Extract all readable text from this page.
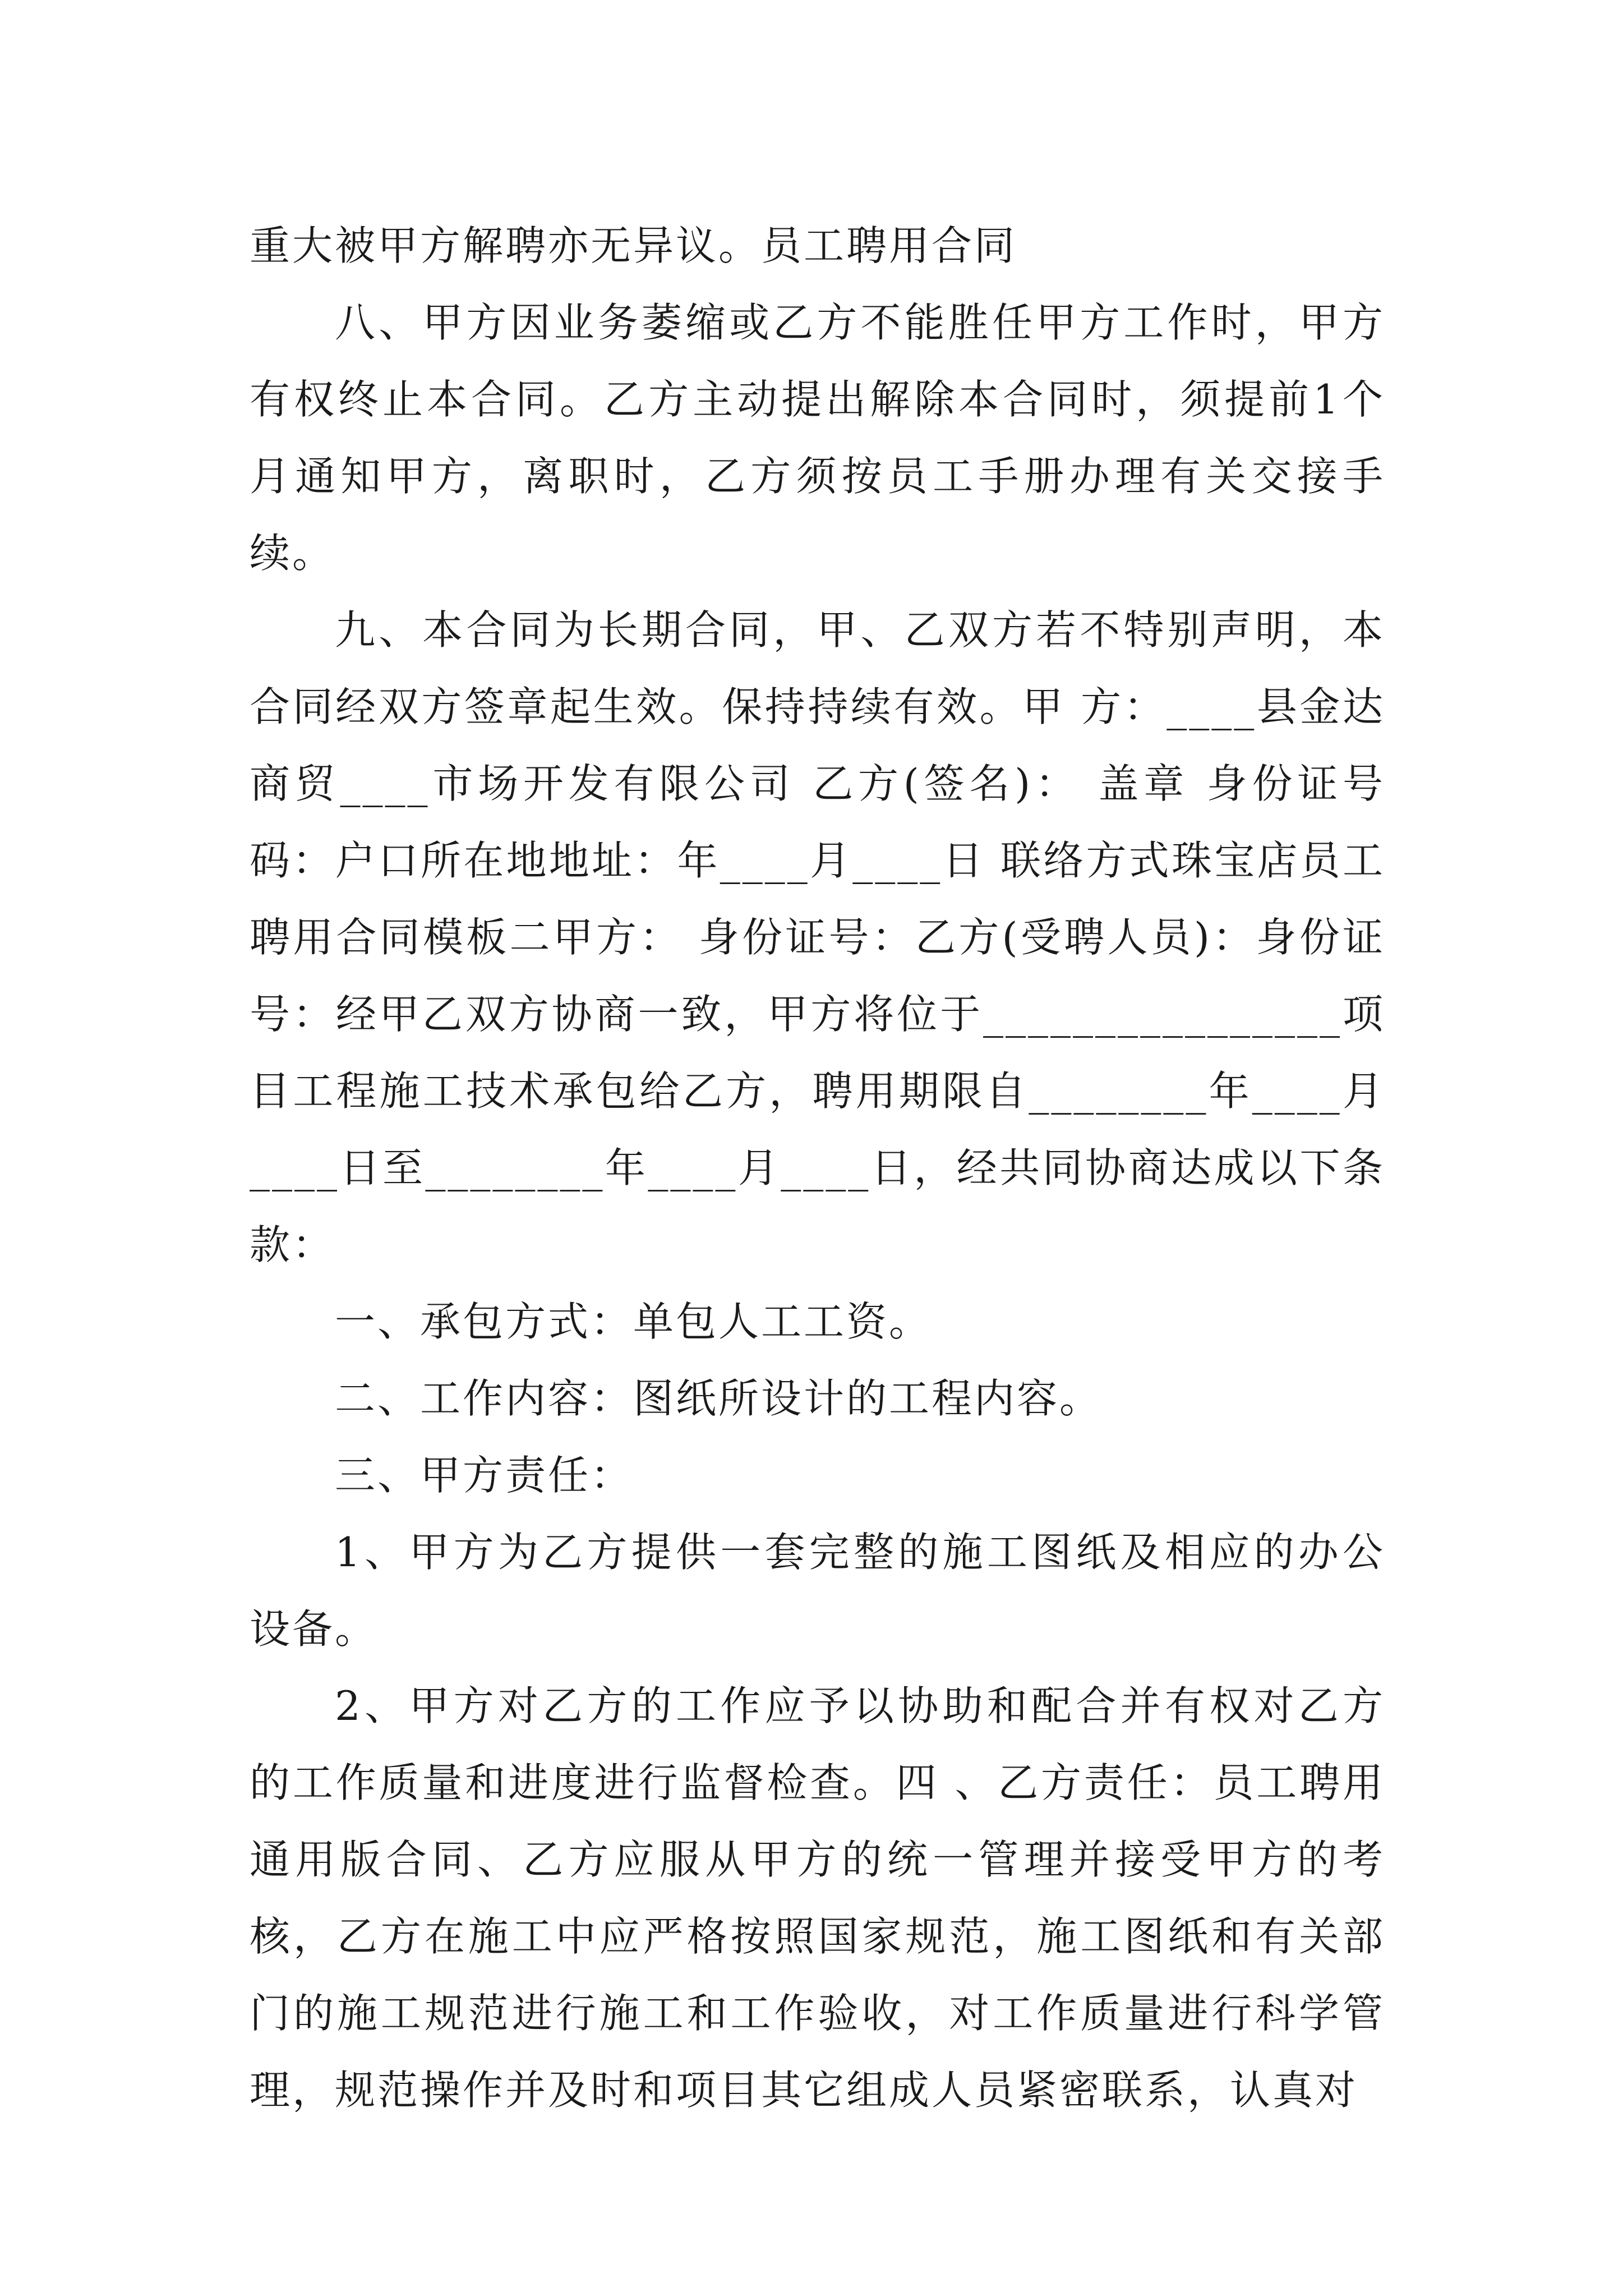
重大被甲方解聘亦无异议。员工聘用合同

八、甲方因业务萎缩或乙方不能胜任甲方工作时，甲方有权终止本合同。乙方主动提出解除本合同时，须提前1个月通知甲方，离职时，乙方须按员工手册办理有关交接手续。

九、本合同为长期合同，甲、乙双方若不特别声明，本合同经双方签章起生效。保持持续有效。甲 方：____县金达商贸____市场开发有限公司 乙方(签名)： 盖章 身份证号码：户口所在地地址：年____月____日 联络方式珠宝店员工聘用合同模板二甲方： 身份证号：乙方(受聘人员)：身份证号：经甲乙双方协商一致，甲方将位于________________项目工程施工技术承包给乙方，聘用期限自________年____月____日至________年____月____日，经共同协商达成以下条款：

一、承包方式：单包人工工资。

二、工作内容：图纸所设计的工程内容。

三、甲方责任：

1、甲方为乙方提供一套完整的施工图纸及相应的办公设备。

2、甲方对乙方的工作应予以协助和配合并有权对乙方的工作质量和进度进行监督检查。四 、乙方责任：员工聘用通用版合同、乙方应服从甲方的统一管理并接受甲方的考核，乙方在施工中应严格按照国家规范，施工图纸和有关部门的施工规范进行施工和工作验收，对工作质量进行科学管理，规范操作并及时和项目其它组成人员紧密联系，认真对
